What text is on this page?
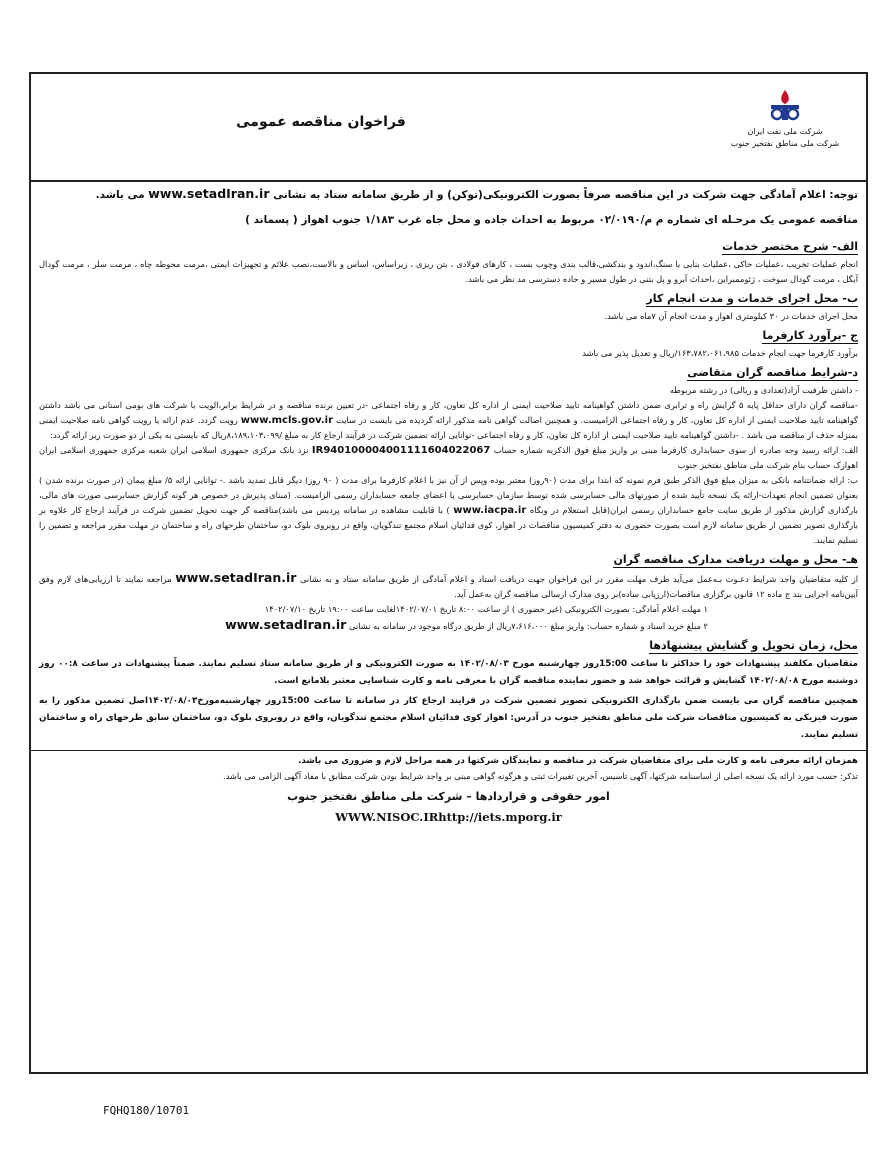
شرکت ملی نفت ایران
شرکت ملی مناطق نفتخیز جنوب
فراخوان مناقصه عمومی

توجه: اعلام آمادگی جهت شرکت در این مناقصه صرفاً بصورت الکترونیکی(توکن) و از طریق سامانه ستاد به نشانی www.setadIran.ir می باشد.

مناقصه عمومی یک مرحـله ای شماره م م/۰۲/۰۱۹۰ مربوط به احداث جاده و محل جاه غرب ۱/۱۸۳ جنوب اهواز ( پسماند )

الف- شرح مختصر خدمات

انجام عملیات تخریب ،عملیات خاکی ،عملیات بنایی با سنگ،اندود و بندکشی،قالب بندی وچوب بست ، کارهای فولادی ، بتن ریزی ، زیراساس، اساس و بالاست،نصب علائم و تجهیزات ایمنی ،مرمت محوطه چاه ، مرمت سلر ، مرمت گودال آبگل ، مرمت گودال سوخت ، ژئوممبراین ،احداث آبرو و پل بتنی در طول مسیر و جاده دسترسی مد نظر می باشد.

ب- محل اجرای خدمات و مدت انجام کار

محل اجرای خدمات در ۳۰ کیلومتری اهواز و مدت انجام آن ۷ماه می باشد.

ج -برآورد کارفرما

برآورد کارفرما جهت انجام خدمات ۱۶۳،۷۸۲،۰۶۱،۹۸۵/ریال و تعدیل پذیر می باشد

د-شرایط مناقصه گران متقاضی

- داشتن ظرفیت آزاد(تعدادی و ریالی) در رشته مربوطه

-مناقصه گران دارای حداقل پایه ۵ گرایش راه و ترابری ضمن داشتن گواهینامه تایید صلاحیت ایمنی از اداره کل تعاون، کار و رفاه اجتماعی -در تعیین برنده مناقصه و در شرایط برابر،الویت با شرکت های بومی استانی می باشد داشتن گواهینامه تایید صلاحیت ایمنی از اداره کل تعاون، کار و رفاه اجتماعی الزامیست. و همچنین اصالت گواهی نامه مذکور ارائه گردیده می بایست در سایت www.mcls.gov.ir رویت گردد. عدم ارائه یا رویت گواهی نامه صلاحیت ایمنی بمنزله حذف از مناقصه می باشد . -داشتن گواهینامه تایید صلاحیت ایمنی از اداره کل تعاون، کار و رفاه اجتماعی -توانایی ارائه تضمین شرکت در فرآیند ارجاع کار به مبلغ /۸،۱۸۹،۱۰۳،۰۹۹ریال که بایستی به یکی از دو صورت زیر ارائه گردد:

الف: ارائه رسید وجه صادره از سوی حسابداری کارفرما مبنی بر واریز مبلغ فوق الذکربه شماره حساب IR940100004001111604022067 نزد بانک مرکزی جمهوری اسلامی ایران شعبه مرکزی جمهوری اسلامی ایران اهوازک حساب بنام شرکت ملی مناطق نفتخیز جنوب

ب: ارائه ضمانتنامه بانکی به میزان مبلغ فوق الذکر طبق فرم نمونه که ابتدا برای مدت (۹۰روز) معتبر بوده وپس از آن نیز با اعلام کارفرما برای مدت ( ۹۰ روز) دیگر قابل تمدید باشد .- توانایی ارائه ۵/ مبلغ پیمان (در صورت برنده شدن ) بعنوان تضمین انجام تعهدات-ارائه یک نسخه تأیید شده از صورتهای مالی حسابرسی شده توسط سازمان حسابرسی یا اعضای جامعه حسابداران رسمی الزامیست. (مبنای پذیرش در خصوص هر گونه گزارش حسابرسی صورت های مالی، بارگذاری گزارش مذکور از طریق سایت جامع حسابداران رسمی ایران(قابل استعلام در وبگاه www.iacpa.ir ) با قابلیت مشاهده در سامانه پردیس می باشد)مناقصه گر جهت تحویل تضمین شرکت در فرآیند ارجاع کار علاوه بر بارگذاری تصویر تضمین از طریق سامانه لازم است بصورت حضوری به دفتر کمیسیون مناقصات در اهواز، کوی فدائیان اسلام مجتمع تندگویان، واقع در روبروی بلوک دو، ساختمان طرحهای راه و ساختمان در مهلت مقرر مراجعه و تضمین را تسلیم نمایند.

هـ- محل و مهلت دریافت مدارک مناقصه گران

از کلیه متقاضیان واجد شرایط دعـوت بـه‌عمل می‌آید ظرف مهلت مقرر در این فراخوان جهت دریافت اسناد و اعلام آمادگی از طریق سامانه ستاد و به نشانی www.setadIran.ir مراجعه نمایند تا ارزیابی‌های لازم وفق آیین‌نامه اجرایی بند ج ماده ۱۲ قانون برگزاری مناقصات(ارزیابی ساده)بر روی مدارک ارسالی مناقصه گران به‌عمل آید.

۱ مهلت اعلام آمادگی: بصورت الکترونیکی (غیر حضوری ) از ساعت ۸:۰۰ تاریخ ۱۴۰۲/۰۷/۰۱لغایت ساعت ۱۹:۰۰ تاریخ ۱۴۰۲/۰۷/۱۰

۲ مبلغ خرید اسناد و شماره حساب: واریز مبلغ ۷،۶۱۶،۰۰۰ریال از طریق درگاه موجود در سامانه به نشانی www.setadIran.ir

محل، زمان تحویل و گشایش پیشنهادها

متقاضیان مکلفند پیشنهادات خود را حداکثر تا ساعت 15:00روز چهارشنبه مورخ ۱۴۰۲/۰۸/۰۳ به صورت الکترونیکی و از طریق سامانه ستاد تسلیم نمایند. ضمناً پیشنهادات در ساعت ۰۰:۸ روز دوشنبه مورخ ۱۴۰۲/۰۸/۰۸ گشایش و قرائت خواهد شد و حضور نماینده مناقصه گران با معرفی نامه و کارت شناسایی معتبر بلامانع است.

همچنین مناقصه گران می بایست ضمن بارگذاری الکترونیکی تصویر تضمین شرکت در فرایند ارجاع کار در سامانه تا ساعت 15:00روز چهارشنبه‌مورخ۱۴۰۲/۰۸/۰۳اصل تضمین مذکور را به صورت فیزیکی به کمیسیون مناقصات شرکت ملی مناطق نفتخیز جنوب در آدرس: اهواز کوی فدائیان اسلام مجتمع تندگویان، واقع در روبروی بلوک دو، ساختمان سابق طرحهای راه و ساختمان تسلیم نمایند.

همزمان ارائه معرفی نامه و کارت ملی برای متقاضیان شرکت در مناقصه و نمایندگان شرکتها در همه مراحل لازم و ضروری می باشد.

تذکر: حسب مورد ارائه یک نسخه اصلی از اساسنامه شرکتها، آگهی تاسیس، آخرین تغییرات ثبتی و هرگونه گواهی مبنی بر واجد شرایط بودن شرکت مطابق با مفاد آگهی الزامی می باشد.

امور حقوقی و قراردادها – شرکت ملی مناطق نفتخیز جنوب

WWW.NISOC.IRhttp://iets.mporg.ir

FQHQ180/10701
